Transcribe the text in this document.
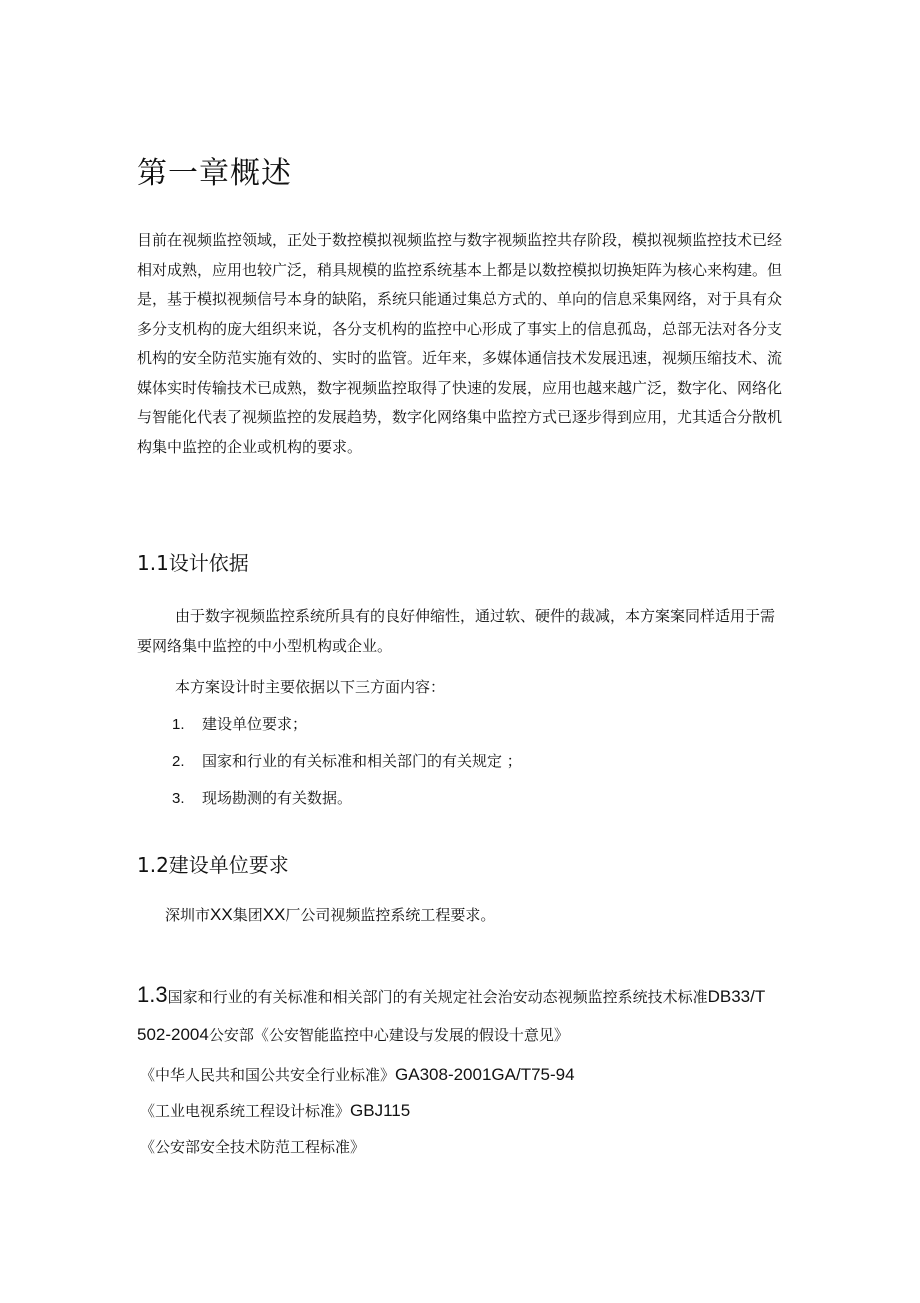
第一章概述

目前在视频监控领域，正处于数控模拟视频监控与数字视频监控共存阶段，模拟视频监控技术已经相对成熟，应用也较广泛，稍具规模的监控系统基本上都是以数控模拟切换矩阵为核心来构建。但是，基于模拟视频信号本身的缺陷，系统只能通过集总方式的、单向的信息采集网络，对于具有众多分支机构的庞大组织来说，各分支机构的监控中心形成了事实上的信息孤岛，总部无法对各分支机构的安全防范实施有效的、实时的监管。近年来，多媒体通信技术发展迅速，视频压缩技术、流媒体实时传输技术已成熟，数字视频监控取得了快速的发展，应用也越来越广泛，数字化、网络化与智能化代表了视频监控的发展趋势，数字化网络集中监控方式已逐步得到应用，尤其适合分散机构集中监控的企业或机构的要求。

1.1设计依据

由于数字视频监控系统所具有的良好伸缩性，通过软、硬件的裁减，本方案案同样适用于需要网络集中监控的中小型机构或企业。

本方案设计时主要依据以下三方面内容：

1. 建设单位要求；
2. 国家和行业的有关标准和相关部门的有关规定 ；
3. 现场勘测的有关数据。
1.2建设单位要求

深圳市XX集团XX厂公司视频监控系统工程要求。

1.3国家和行业的有关标准和相关部门的有关规定社会治安动态视频监控系统技术标准DB33/T 502-2004公安部《公安智能监控中心建设与发展的假设十意见》

《中华人民共和国公共安全行业标准》GA308-2001GA/T75-94

《工业电视系统工程设计标准》GBJ115

《公安部安全技术防范工程标准》
